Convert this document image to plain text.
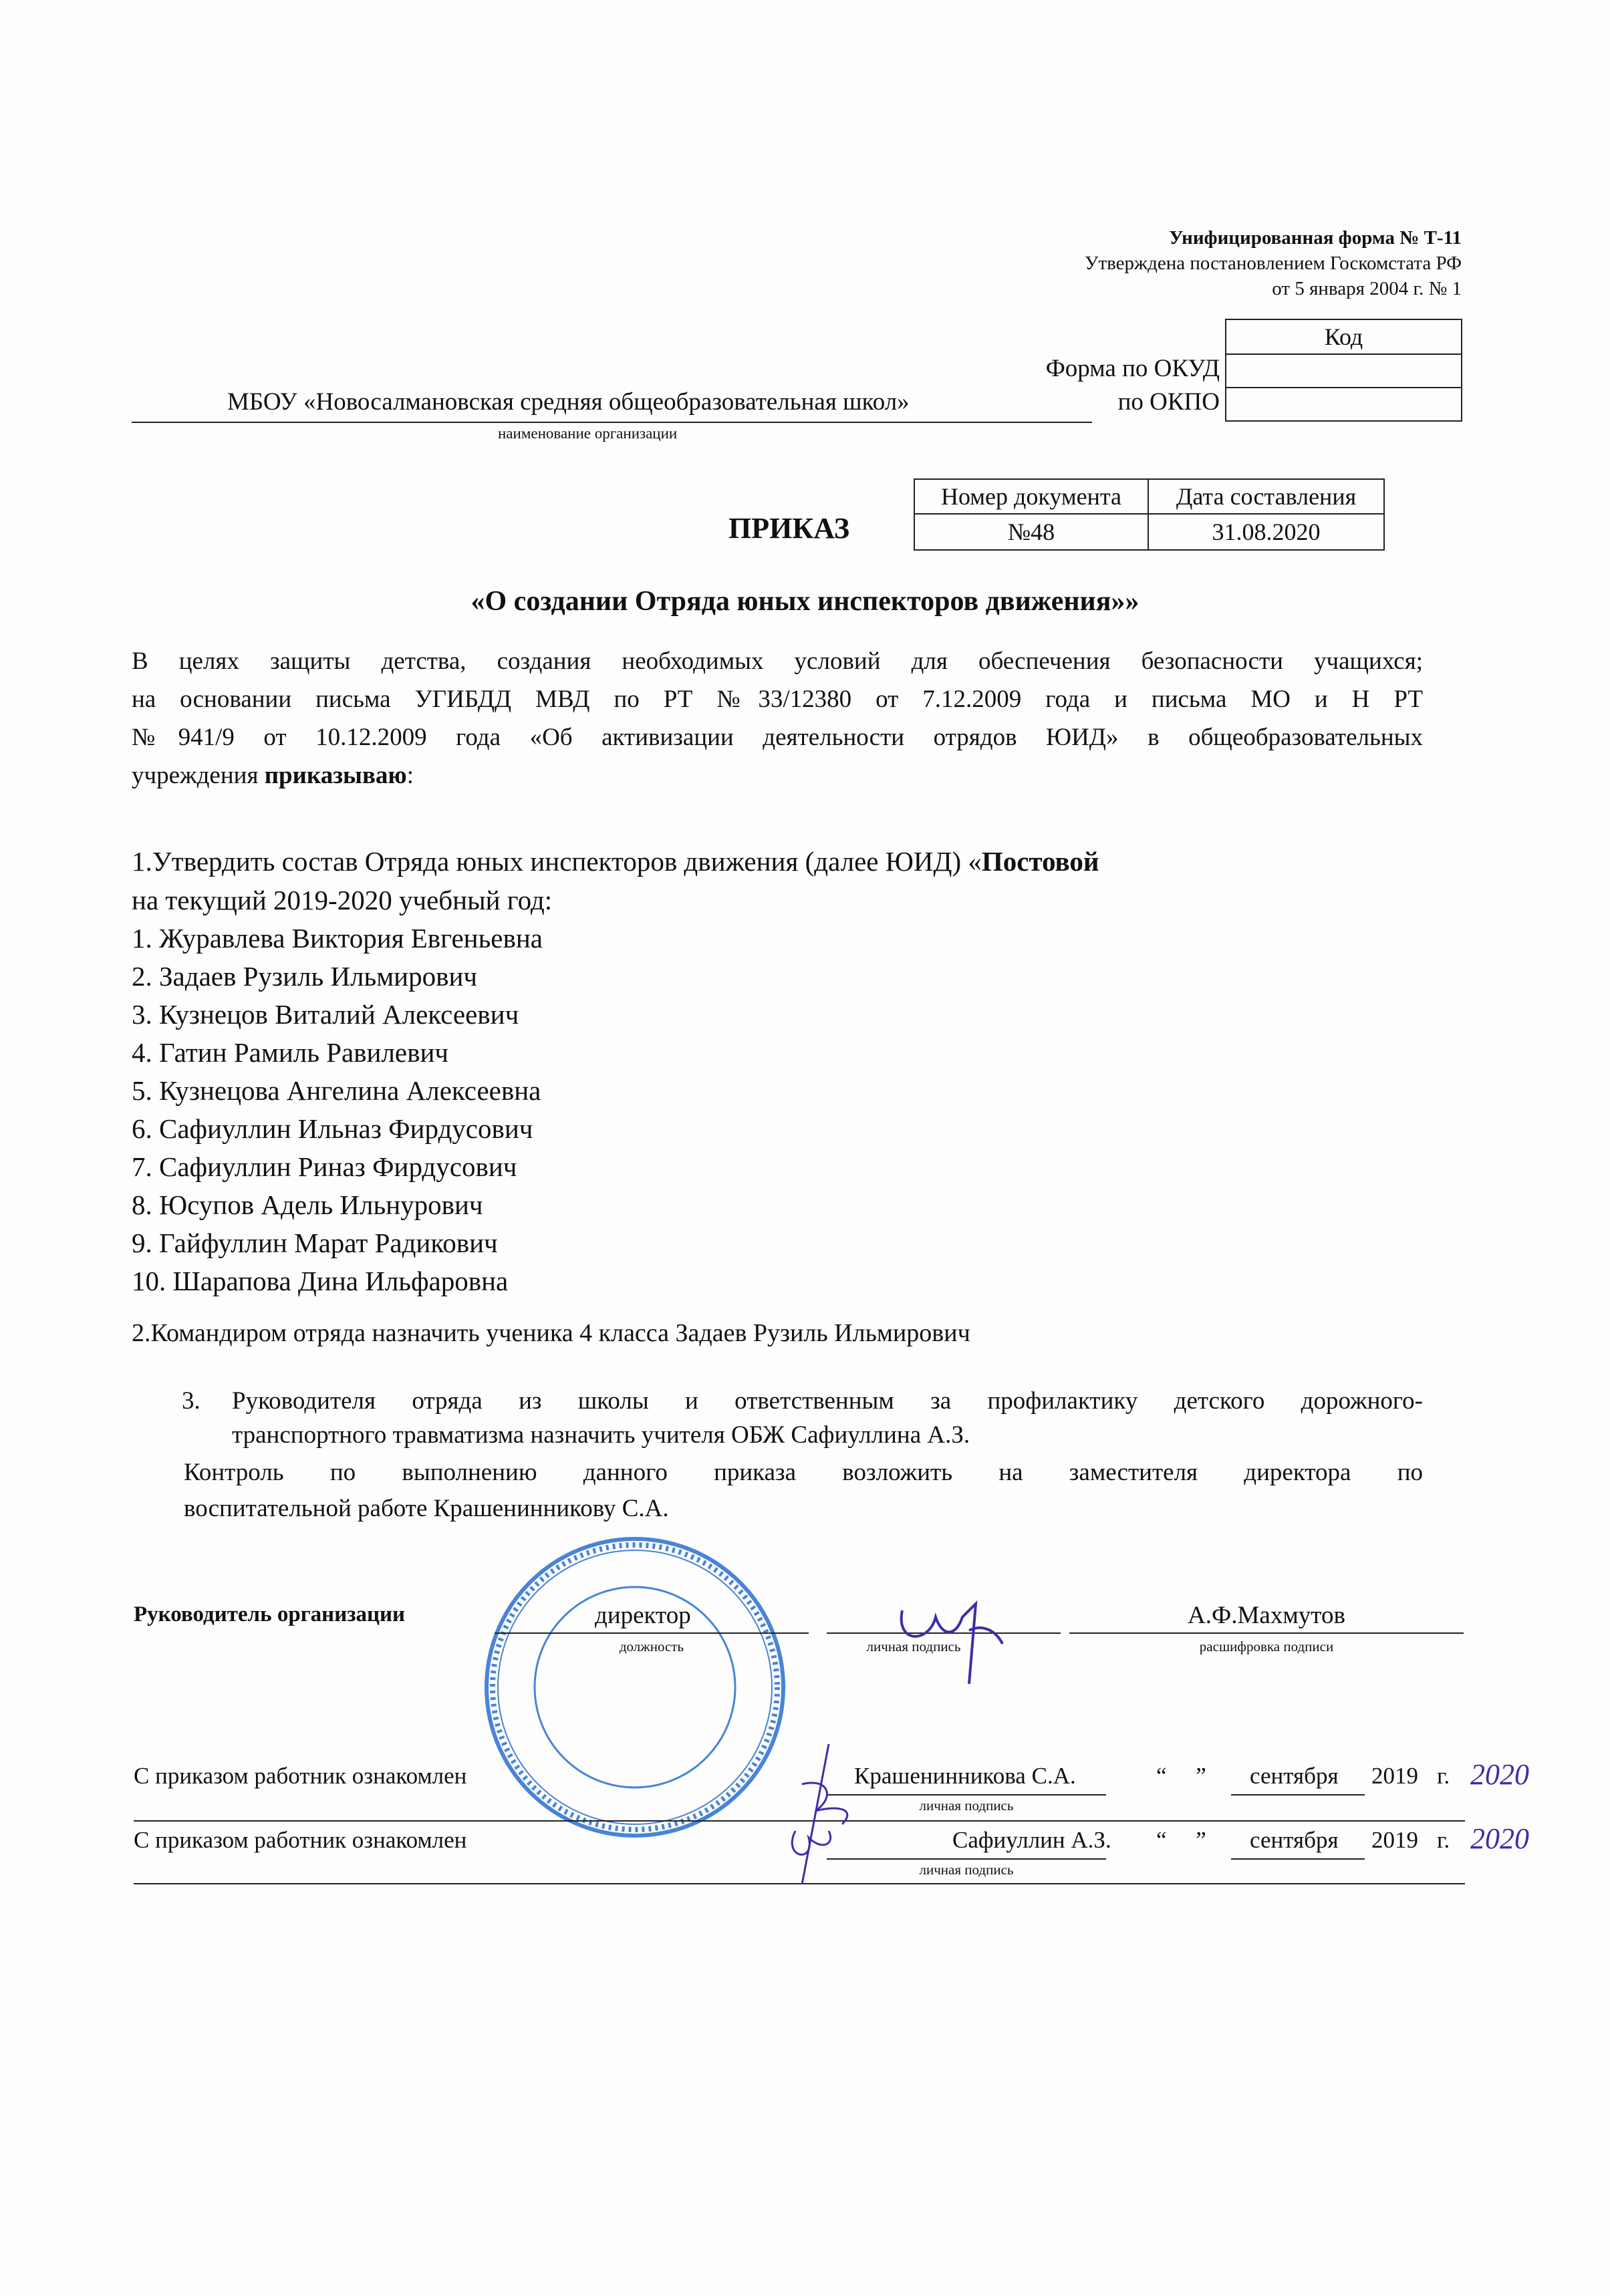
Унифицированная форма № Т-11
Утверждена постановлением Госкомстата РФ
от 5 января 2004 г. № 1
Код
Форма по ОКУД
по ОКПО
МБОУ «Новосалмановская средняя общеобразовательная школ»
наименование организации
ПРИКАЗ
Номер документа	Дата составления
№48	31.08.2020
«О создании Отряда юных инспекторов движения»»
В целях защиты детства, создания необходимых условий для обеспечения безопасности учащихся;
на основании письма УГИБДД МВД по РТ №33/12380 от 7.12.2009 года и письма МО и Н РТ
№941/9 от 10.12.2009 года «Об активизации деятельности отрядов ЮИД» в общеобразовательных
учреждения приказываю:
1.Утвердить состав Отряда юных инспекторов движения (далее ЮИД) «Постовой
на текущий 2019-2020 учебный год:
1. Журавлева Виктория Евгеньевна
2. Задаев Рузиль Ильмирович
3. Кузнецов Виталий Алексеевич
4. Гатин Рамиль Равилевич
5. Кузнецова Ангелина Алексеевна
6. Сафиуллин Ильназ Фирдусович
7. Сафиуллин Риназ Фирдусович
8. Юсупов Адель Ильнурович
9. Гайфуллин Марат Радикович
10. Шарапова Дина Ильфаровна
2.Командиром отряда назначить ученика 4 класса Задаев Рузиль Ильмирович
3. Руководителя отряда из школы и ответственным за профилактику детского дорожного-
транспортного травматизма назначить учителя ОБЖ Сафиуллина А.З.
Контроль по выполнению данного приказа возложить на заместителя директора по
воспитательной работе Крашенинникову С.А.
Руководитель организации	директор
должность	личная подпись
А.Ф.Махмутов
расшифровка подписи
С приказом работник ознакомлен	Крашенинникова С.А.	“     ” сентября 2019 г. 2020
личная подпись
С приказом работник ознакомлен	Сафиуллин А.З. “     ” сентября 2019 г. 2020
личная подпись
